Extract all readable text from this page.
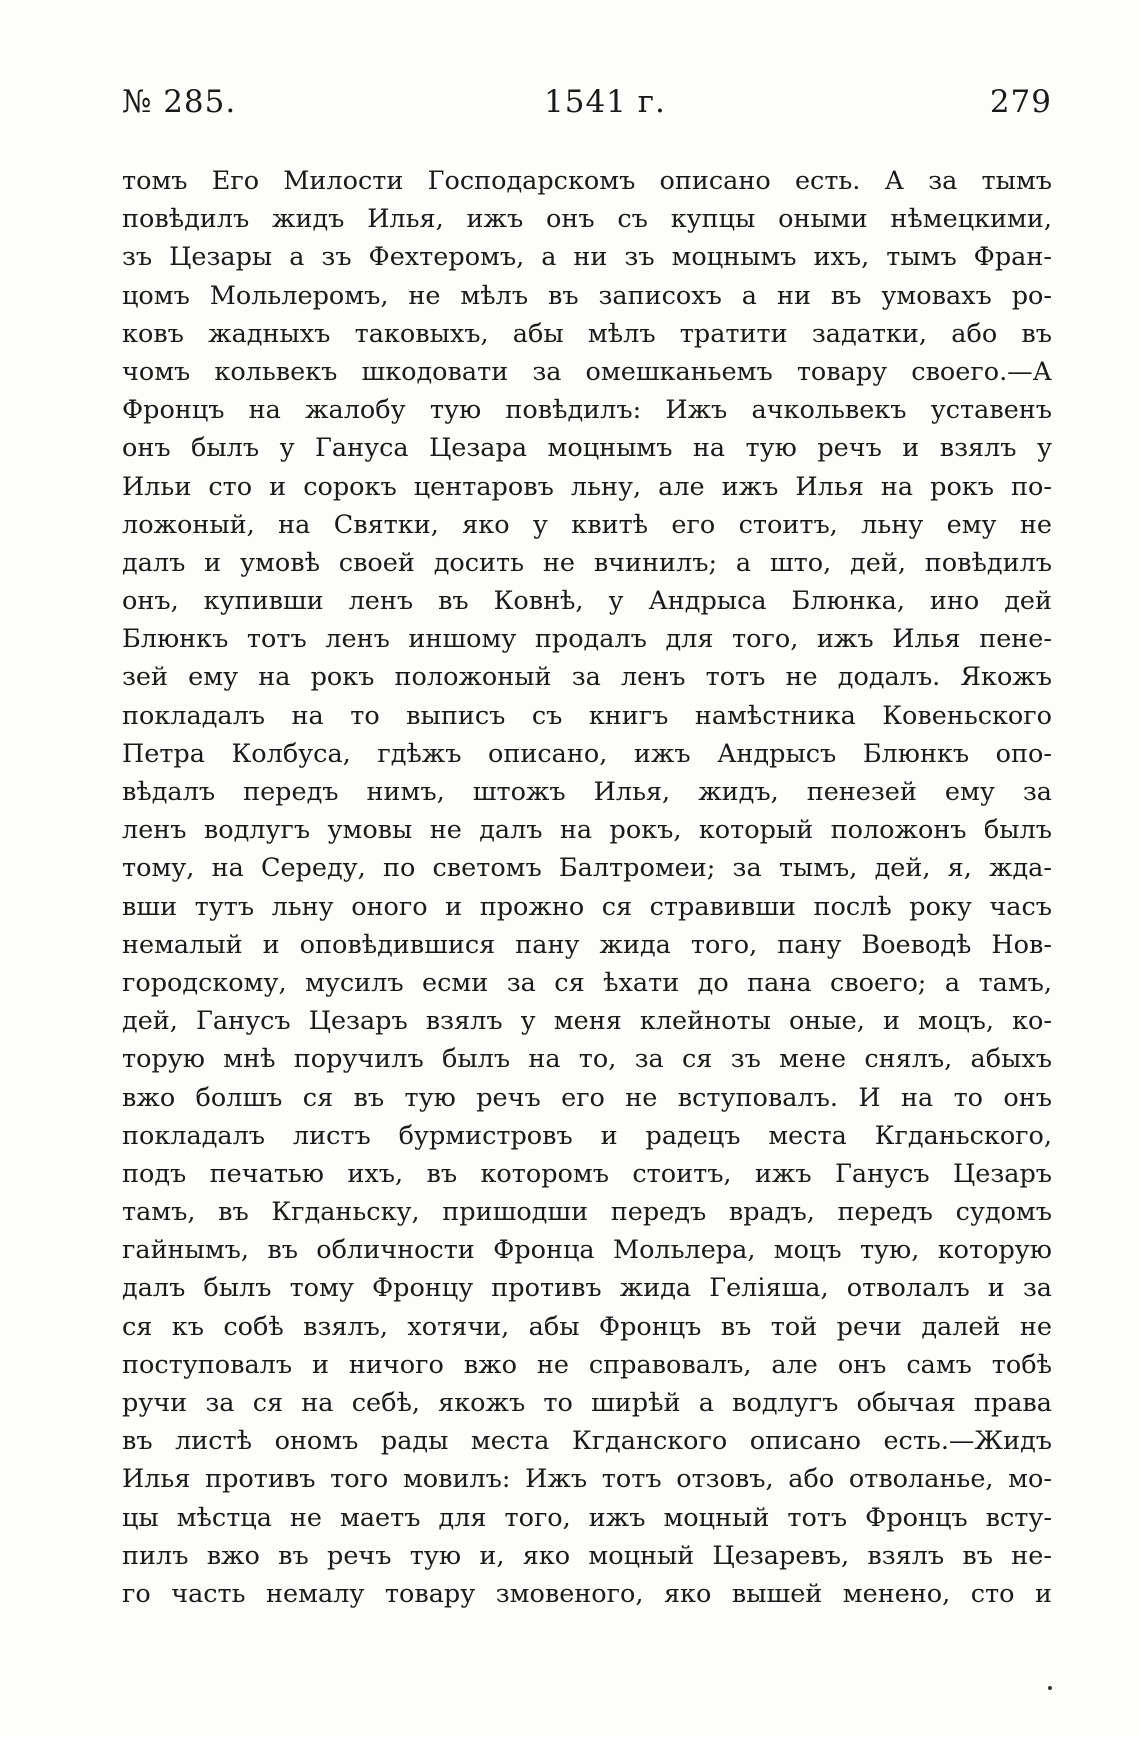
№ 285.	1541 г.	279
томъ Его Милости Господарскомъ описано есть. А за тымъ
повѣдилъ жидъ Илья, ижъ онъ съ купцы оными нѣмецкими,
зъ Цезары а зъ Фехтеромъ, а ни зъ моцнымъ ихъ, тымъ Фран-
цомъ Мольлеромъ, не мѣлъ въ записохъ а ни въ умовахъ ро-
ковъ жадныхъ таковыхъ, абы мѣлъ тратити задатки, або въ
чомъ кольвекъ шкодовати за омешканьемъ товару своего.—А
Фронцъ на жалобу тую повѣдилъ: Ижъ ачкольвекъ уставенъ
онъ былъ у Гануса Цезара моцнымъ на тую речъ и взялъ у
Ильи сто и сорокъ центаровъ льну, але ижъ Илья на рокъ по-
ложоный, на Святки, яко у квитѣ его стоитъ, льну ему не
далъ и умовѣ своей досить не вчинилъ; а што, дей, повѣдилъ
онъ, купивши ленъ въ Ковнѣ, у Андрыса Блюнка, ино дей
Блюнкъ тотъ ленъ иншому продалъ для того, ижъ Илья пене-
зей ему на рокъ положоный за ленъ тотъ не додалъ. Якожъ
покладалъ на то выписъ съ книгъ намѣстника Ковеньского
Петра Колбуса, гдѣжъ описано, ижъ Андрысъ Блюнкъ опо-
вѣдалъ передъ нимъ, штожъ Илья, жидъ, пенезей ему за
ленъ водлугъ умовы не далъ на рокъ, который положонъ былъ
тому, на Середу, по светомъ Балтромеи; за тымъ, дей, я, ждa-
вши тутъ льну оного и прожно ся стравивши послѣ року часъ
немалый и оповѣдившися пану жида того, пану Воеводѣ Нов-
городскому, мусилъ есми за ся ѣхати до пана своего; а тамъ,
дей, Ганусъ Цезаръ взялъ у меня клейноты оные, и моцъ, ко-
торую мнѣ поручилъ былъ на то, за ся зъ мене снялъ, абыхъ
вжо болшъ ся въ тую речъ его не вступовалъ. И на то онъ
покладалъ листъ бурмистровъ и радецъ места Кгданьского,
подъ печатью ихъ, въ которомъ стоитъ, ижъ Ганусъ Цезаръ
тамъ, въ Кгданьску, пришодши передъ врадъ, передъ судомъ
гайнымъ, въ обличности Фронца Мольлера, моцъ тую, которую
далъ былъ тому Фронцу противъ жида Геліяша, отволалъ и за
ся къ собѣ взялъ, хотячи, абы Фронцъ въ той речи далей не
поступовалъ и ничого вжо не справовалъ, але онъ самъ тобѣ
ручи за ся на себѣ, якожъ то ширѣй а водлугъ обычая права
въ листѣ ономъ рады места Кгданского описано есть.—Жидъ
Илья противъ того мовилъ: Ижъ тотъ отзовъ, або отволанье, мо-
цы мѣстца не маетъ для того, ижъ моцный тотъ Фронцъ всту-
пилъ вжо въ речъ тую и, яко моцный Цезаревъ, взялъ въ не-
го часть немалу товару змовеного, яко вышей менено, сто и
